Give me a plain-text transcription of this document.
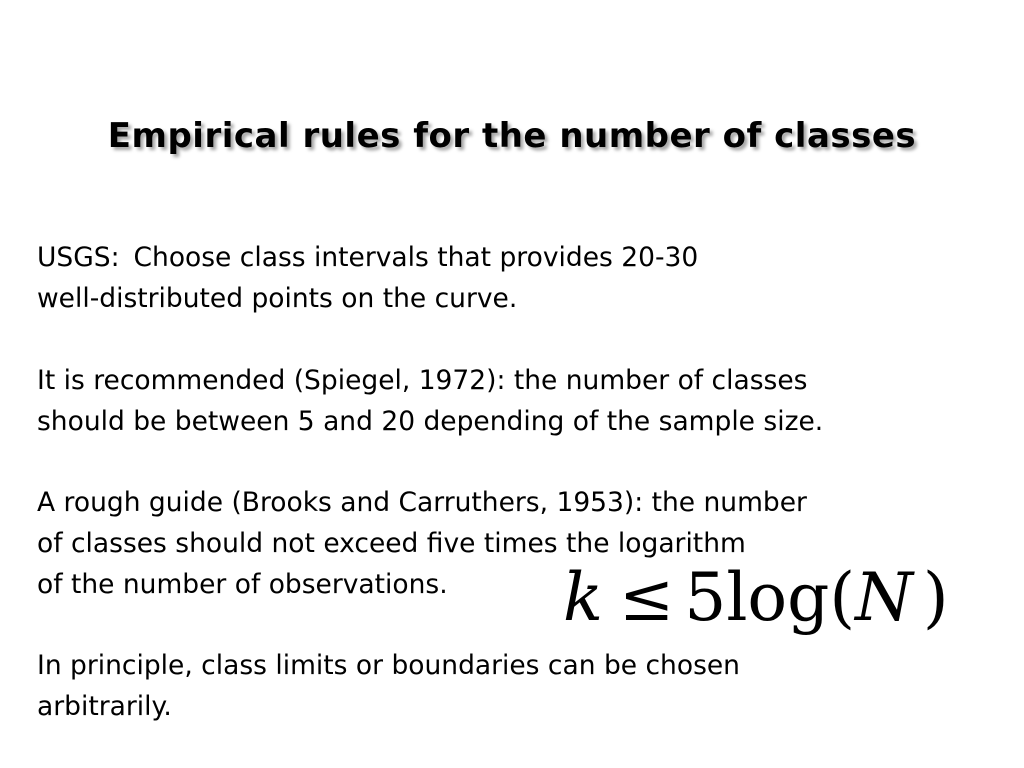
Empirical rules for the number of classes
USGS: Choose class intervals that provides 20-30
well-distributed points on the curve.
It is recommended (Spiegel, 1972): the number of classes
should be between 5 and 20 depending of the sample size.
A rough guide (Brooks and Carruthers, 1953): the number
of classes should not exceed five times the logarithm
of the number of observations.	k ≤ 5log(N )
In principle, class limits or boundaries can be chosen
arbitrarily.
